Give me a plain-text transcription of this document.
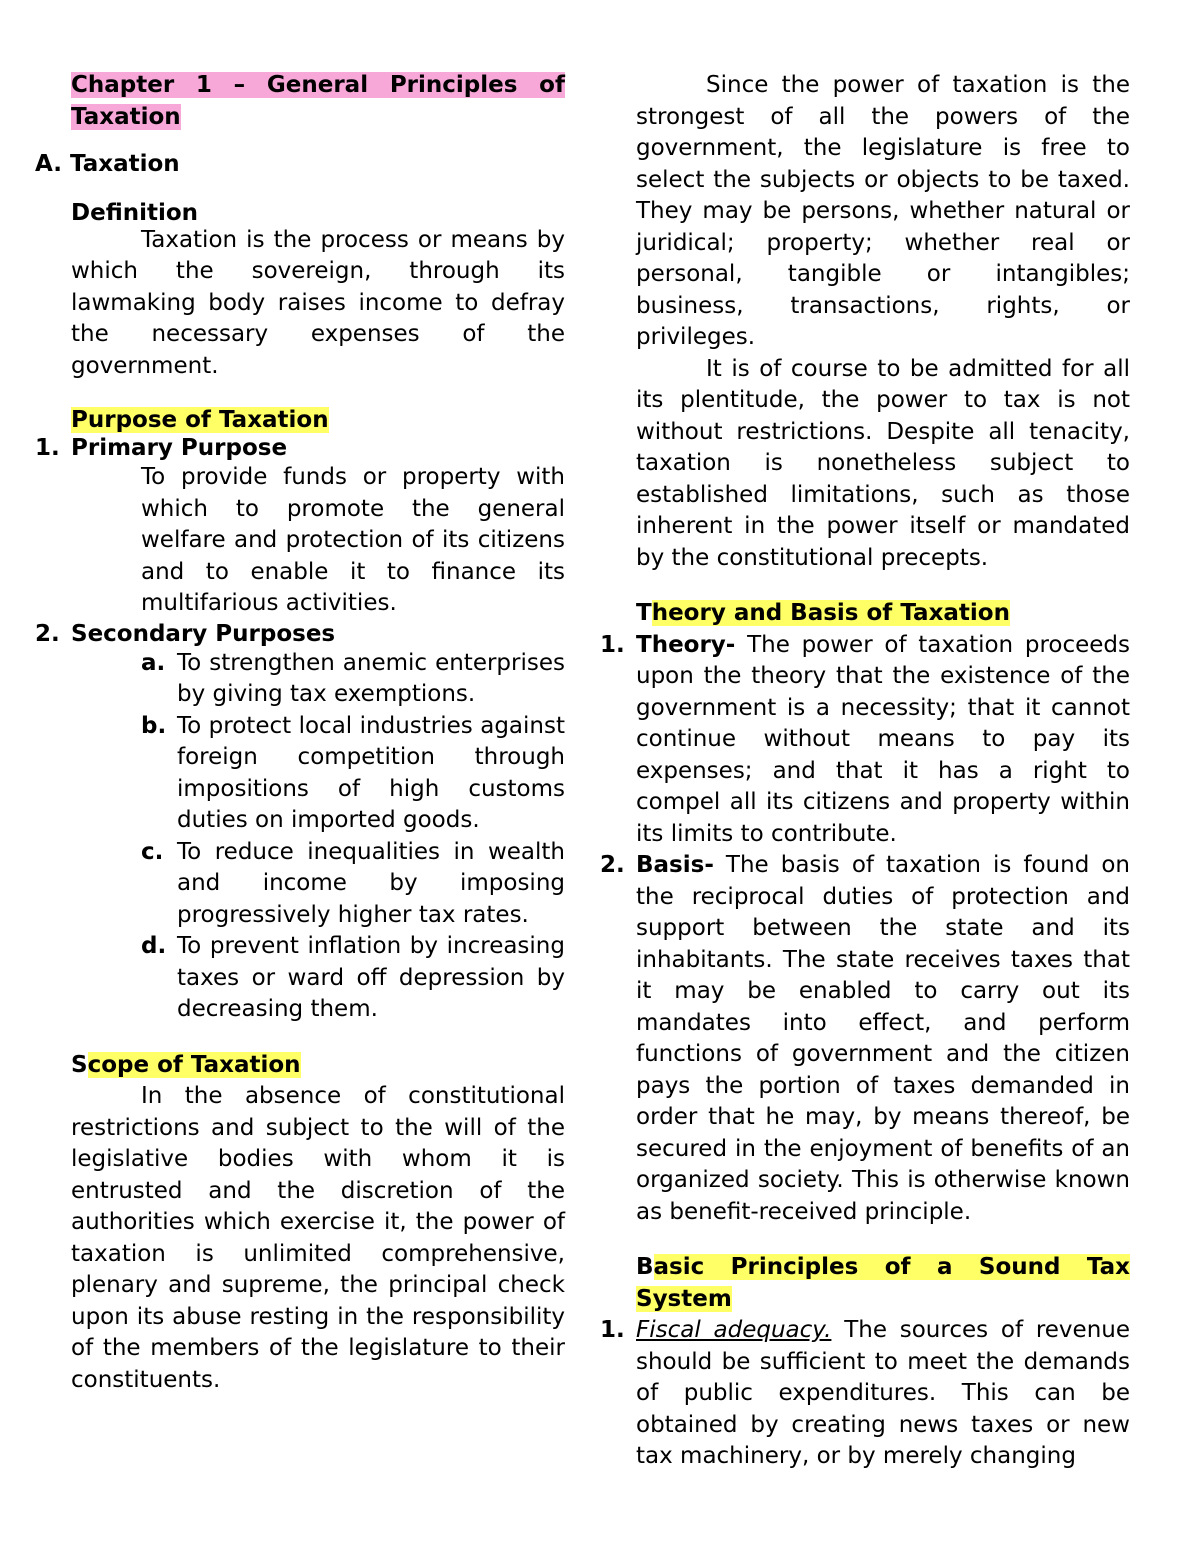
Chapter 1 – General Principles of Taxation

A. Taxation

Definition

Taxation is the process or means by which the sovereign, through its lawmaking body raises income to defray the necessary expenses of the government.

Purpose of Taxation

1. Primary Purpose

To provide funds or property with which to promote the general welfare and protection of its citizens and to enable it to finance its multifarious activities.

2. Secondary Purposes
a. To strengthen anemic enterprises by giving tax exemptions.

b. To protect local industries against foreign competition through impositions of high customs duties on imported goods.

c. To reduce inequalities in wealth and income by imposing progressively higher tax rates.

d. To prevent inflation by increasing taxes or ward off depression by decreasing them.

Scope of Taxation

In the absence of constitutional restrictions and subject to the will of the legislative bodies with whom it is entrusted and the discretion of the authorities which exercise it, the power of taxation is unlimited comprehensive, plenary and supreme, the principal check upon its abuse resting in the responsibility of the members of the legislature to their constituents.

Since the power of taxation is the strongest of all the powers of the government, the legislature is free to select the subjects or objects to be taxed. They may be persons, whether natural or juridical; property; whether real or personal, tangible or intangibles; business, transactions, rights, or privileges.

It is of course to be admitted for all its plentitude, the power to tax is not without restrictions. Despite all tenacity, taxation is nonetheless subject to established limitations, such as those inherent in the power itself or mandated by the constitutional precepts.

Theory and Basis of Taxation

1. Theory- The power of taxation proceeds upon the theory that the existence of the government is a necessity; that it cannot continue without means to pay its expenses; and that it has a right to compel all its citizens and property within its limits to contribute.

2. Basis- The basis of taxation is found on the reciprocal duties of protection and support between the state and its inhabitants. The state receives taxes that it may be enabled to carry out its mandates into effect, and perform functions of government and the citizen pays the portion of taxes demanded in order that he may, by means thereof, be secured in the enjoyment of benefits of an organized society. This is otherwise known as benefit-received principle.

Basic Principles of a Sound Tax System

1. Fiscal adequacy. The sources of revenue should be sufficient to meet the demands of public expenditures. This can be obtained by creating news taxes or new tax machinery, or by merely changing
